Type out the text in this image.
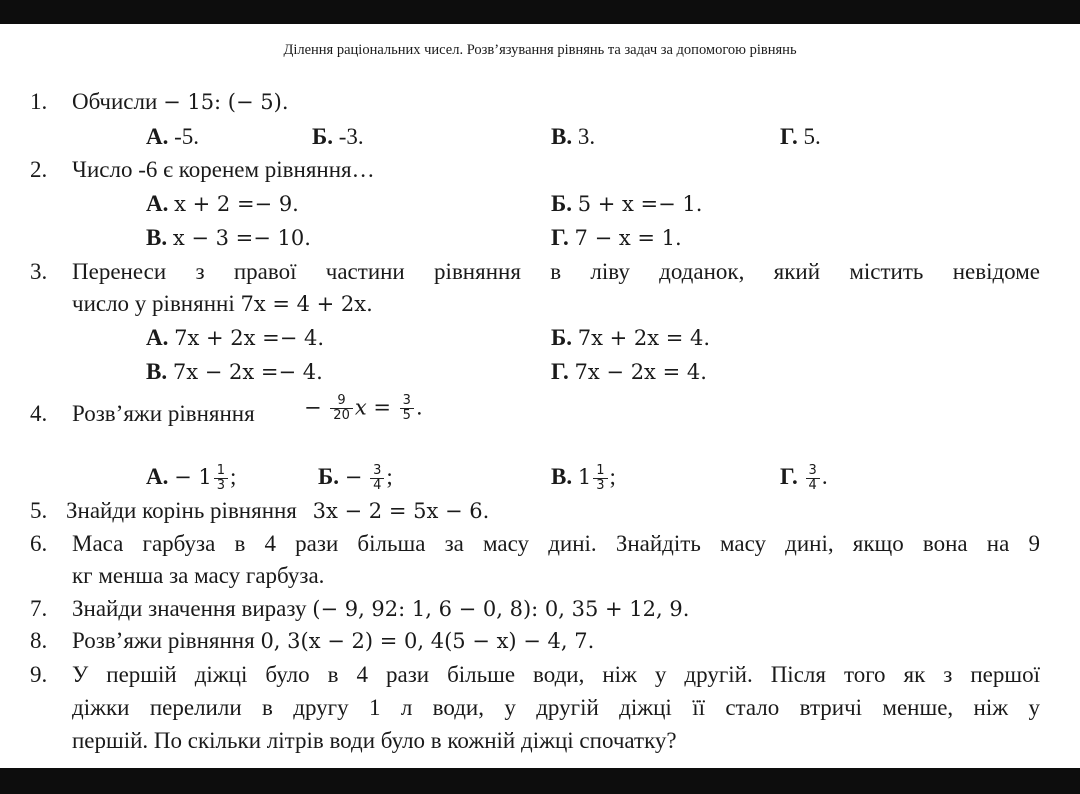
Ділення раціональних чисел. Розв’язування рівнянь та задач за допомогою рівнянь
1. Обчисли − 15: (− 5).
А. -5.	Б. -3.	В. 3.	Г. 5.
2. Число -6 є коренем рівняння…
А. x + 2 =− 9.	Б. 5 + x =− 1.
В. x − 3 =− 10.	Г. 7 − x = 1.
3. Перенеси з правої частини рівняння в ліву доданок, який містить невідоме
число у рівнянні 7x = 4 + 2x.
А. 7x + 2x =− 4.	Б. 7x + 2x = 4.
В. 7x − 2x =− 4.	Г. 7x − 2x = 4.
4. Розв’яжи рівняння − $\frac{9}{20}$ $x = \frac{3}{5}$ .
А. − $1 \frac{1}{3}$ ;	Б. − $\frac{3}{4}$ ;	В. $1 \frac{1}{3}$ ;	Г. $\frac{3}{4}$ .
5. Знайди корінь рівняння 3x − 2 = 5x − 6.
6. Маса гарбуза в 4 рази більша за масу дині. Знайдіть масу дині, якщо вона на 9
кг менша за масу гарбуза.
7. Знайди значення виразу (− 9, 92: 1, 6 − 0, 8): 0, 35 + 12, 9.
8. Розв’яжи рівняння 0, 3(x − 2) = 0, 4(5 − x) − 4, 7.
9. У першій діжці було в 4 рази більше води, ніж у другій. Після того як з першої
діжки перелили в другу 1 л води, у другій діжці її стало втричі менше, ніж у
першій. По скільки літрів води було в кожній діжці спочатку?
